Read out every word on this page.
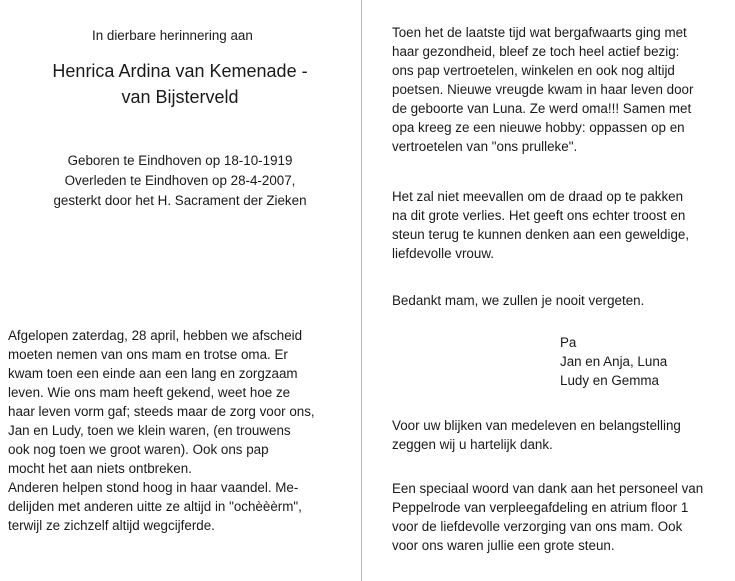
In dierbare herinnering aan
Henrica Ardina van Kemenade -
van Bijsterveld
Geboren te Eindhoven op 18-10-1919
Overleden te Eindhoven op 28-4-2007,
gesterkt door het H. Sacrament der Zieken
Afgelopen zaterdag, 28 april, hebben we afscheid
moeten nemen van ons mam en trotse oma. Er
kwam toen een einde aan een lang en zorgzaam
leven. Wie ons mam heeft gekend, weet hoe ze
haar leven vorm gaf; steeds maar de zorg voor ons,
Jan en Ludy, toen we klein waren, (en trouwens
ook nog toen we groot waren). Ook ons pap
mocht het aan niets ontbreken.
Anderen helpen stond hoog in haar vaandel. Me-
delijden met anderen uitte ze altijd in "ochèèèrm",
terwijl ze zichzelf altijd wegcijferde.
Toen het de laatste tijd wat bergafwaarts ging met
haar gezondheid, bleef ze toch heel actief bezig:
ons pap vertroetelen, winkelen en ook nog altijd
poetsen. Nieuwe vreugde kwam in haar leven door
de geboorte van Luna. Ze werd oma!!! Samen met
opa kreeg ze een nieuwe hobby: oppassen op en
vertroetelen van "ons prulleke".
Het zal niet meevallen om de draad op te pakken
na dit grote verlies. Het geeft ons echter troost en
steun terug te kunnen denken aan een geweldige,
liefdevolle vrouw.
Bedankt mam, we zullen je nooit vergeten.
Pa
Jan en Anja, Luna
Ludy en Gemma
Voor uw blijken van medeleven en belangstelling
zeggen wij u hartelijk dank.
Een speciaal woord van dank aan het personeel van
Peppelrode van verpleegafdeling en atrium floor 1
voor de liefdevolle verzorging van ons mam. Ook
voor ons waren jullie een grote steun.
